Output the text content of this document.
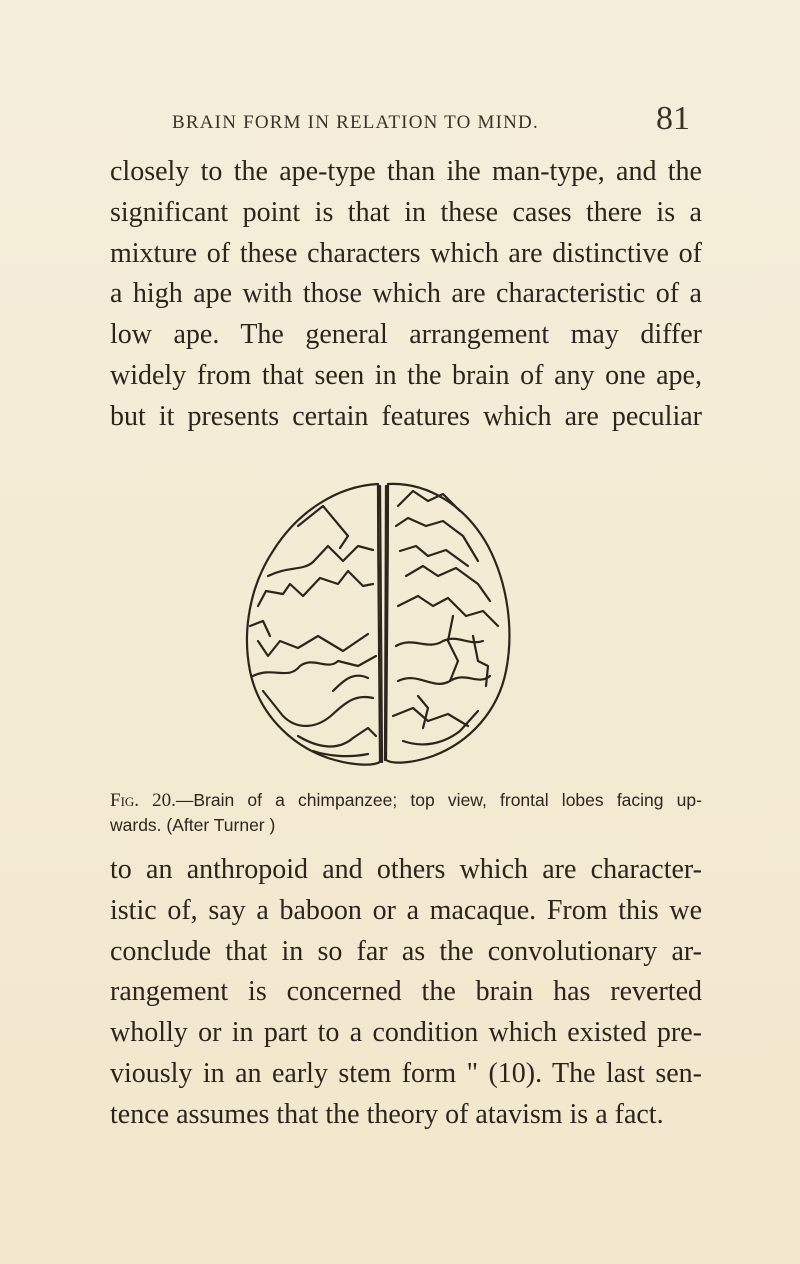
BRAIN FORM IN RELATION TO MIND.	81
closely to the ape-type than ihe man-type, and the
significant point is that in these cases there is a
mixture of these characters which are distinctive of
a high ape with those which are characteristic of a
low ape. The general arrangement may differ
widely from that seen in the brain of any one ape,
but it presents certain features which are peculiar
Fig. 20.—Brain of a chimpanzee; top view, frontal lobes facing up-
wards. (After Turner )
to an anthropoid and others which are character-
istic of, say a baboon or a macaque. From this we
conclude that in so far as the convolutionary ar-
rangement is concerned the brain has reverted
wholly or in part to a condition which existed pre-
viously in an early stem form " (10). The last sen-
tence assumes that the theory of atavism is a fact.
